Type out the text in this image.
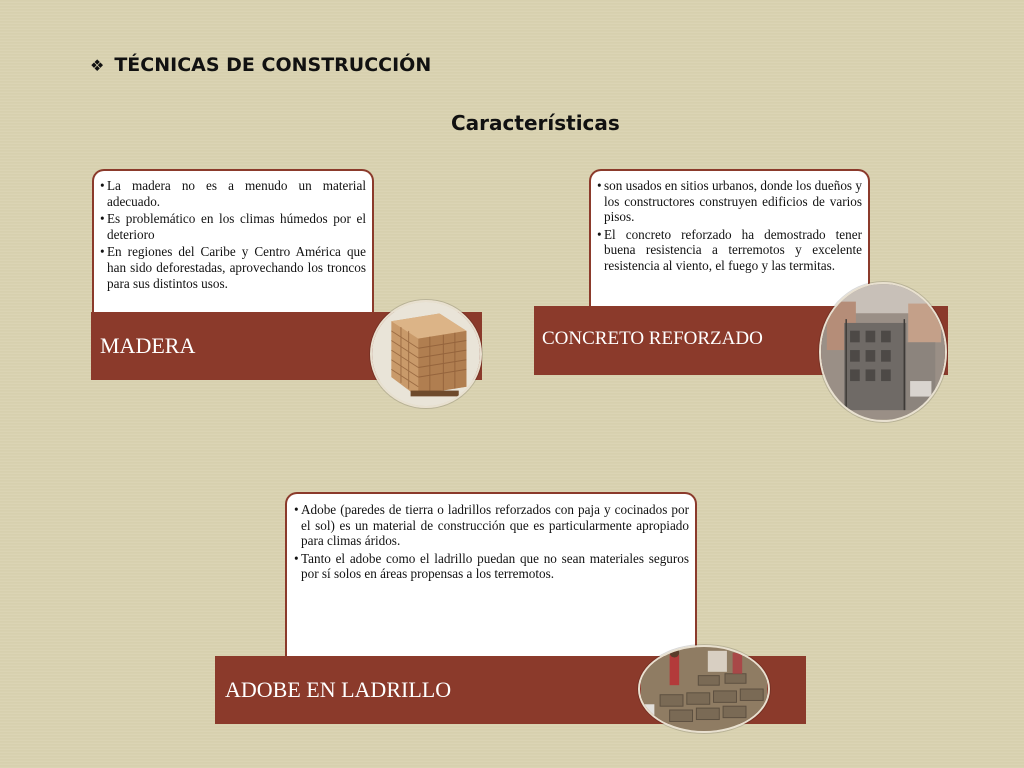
❖ TÉCNICAS DE CONSTRUCCIÓN
Características
• La madera no es a menudo un material adecuado.
• Es problemático en los climas húmedos por el deterioro
• En regiones del Caribe y Centro América que han sido deforestadas, aprovechando los troncos para sus distintos usos.
MADERA
• son usados en sitios urbanos, donde los dueños y los constructores construyen edificios de varios pisos.
• El concreto reforzado ha demostrado tener buena resistencia a terremotos y excelente resistencia al viento, el fuego y las termitas.
CONCRETO REFORZADO
• Adobe (paredes de tierra o ladrillos reforzados con paja y cocinados por el sol) es un material de construcción que es particularmente apropiado para climas áridos.
• Tanto el adobe como el ladrillo puedan que no sean materiales seguros por sí solos en áreas propensas a los terremotos.
ADOBE EN LADRILLO
